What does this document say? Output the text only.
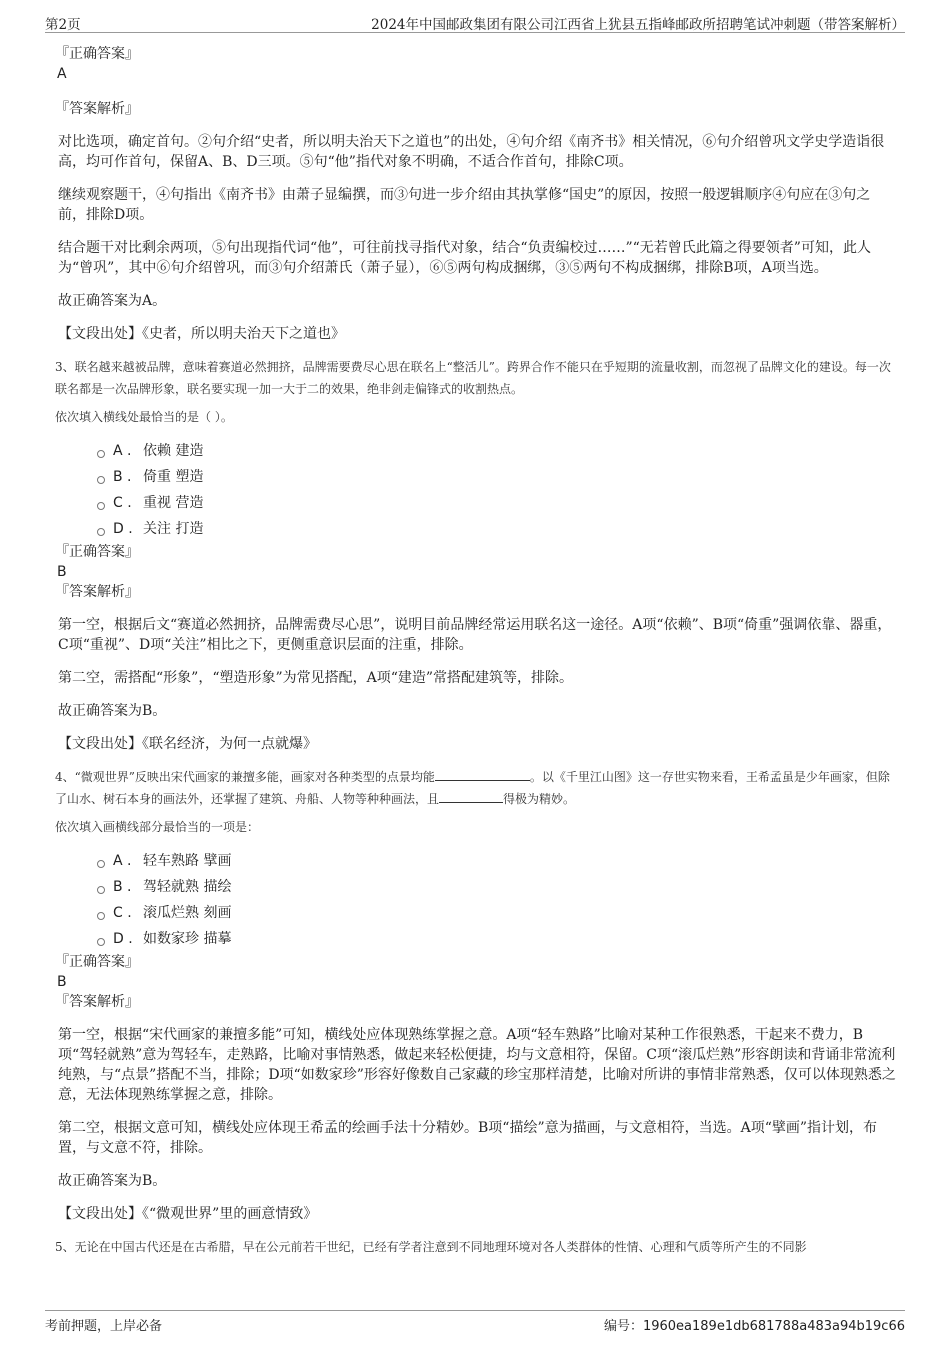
第2页	2024年中国邮政集团有限公司江西省上犹县五指峰邮政所招聘笔试冲刺题（带答案解析）

『正确答案』

A

『答案解析』

对比选项，确定首句。②句介绍“史者，所以明夫治天下之道也”的出处，④句介绍《南齐书》相关情况，⑥句介绍曾巩文学史学造诣很高，均可作首句，保留A、B、D三项。⑤句“他”指代对象不明确，不适合作首句，排除C项。

继续观察题干，④句指出《南齐书》由萧子显编撰，而③句进一步介绍由其执掌修“国史”的原因，按照一般逻辑顺序④句应在③句之前，排除D项。

结合题干对比剩余两项，⑤句出现指代词“他”，可往前找寻指代对象，结合“负责编校过……”“无若曾氏此篇之得要领者”可知，此人为“曾巩”，其中⑥句介绍曾巩，而③句介绍萧氏（萧子显），⑥⑤两句构成捆绑，③⑤两句不构成捆绑，排除B项，A项当选。

故正确答案为A。

【文段出处】《史者，所以明夫治天下之道也》

3、联名越来越被品牌，意味着赛道必然拥挤，品牌需要费尽心思在联名上“整活儿”。跨界合作不能只在乎短期的流量收割，而忽视了品牌文化的建设。每一次联名都是一次品牌形象，联名要实现一加一大于二的效果，绝非剑走偏锋式的收割热点。

依次填入横线处最恰当的是（ ）。

A . 依赖 建造
B . 倚重 塑造
C . 重视 营造
D . 关注 打造

『正确答案』

B

『答案解析』

第一空，根据后文“赛道必然拥挤，品牌需费尽心思”，说明目前品牌经常运用联名这一途径。A项“依赖”、B项“倚重”强调依靠、器重，C项“重视”、D项“关注”相比之下，更侧重意识层面的注重，排除。

第二空，需搭配“形象”，“塑造形象”为常见搭配，A项“建造”常搭配建筑等，排除。

故正确答案为B。

【文段出处】《联名经济，为何一点就爆》

4、“微观世界”反映出宋代画家的兼擅多能，画家对各种类型的点景均能	。以《千里江山图》这一存世实物来看，王希孟虽是少年画家，但除了山水、树石本身的画法外，还掌握了建筑、舟船、人物等种种画法，且	得极为精妙。

依次填入画横线部分最恰当的一项是：

A . 轻车熟路 擘画
B . 驾轻就熟 描绘
C . 滚瓜烂熟 刻画
D . 如数家珍 描摹

『正确答案』

B

『答案解析』

第一空，根据“宋代画家的兼擅多能”可知，横线处应体现熟练掌握之意。A项“轻车熟路”比喻对某种工作很熟悉，干起来不费力，B项“驾轻就熟”意为驾轻车，走熟路，比喻对事情熟悉，做起来轻松便捷，均与文意相符，保留。C项“滚瓜烂熟”形容朗读和背诵非常流利纯熟，与“点景”搭配不当，排除；D项“如数家珍”形容好像数自己家藏的珍宝那样清楚，比喻对所讲的事情非常熟悉，仅可以体现熟悉之意，无法体现熟练掌握之意，排除。

第二空，根据文意可知，横线处应体现王希孟的绘画手法十分精妙。B项“描绘”意为描画，与文意相符，当选。A项“擘画”指计划，布置，与文意不符，排除。

故正确答案为B。

【文段出处】《“微观世界”里的画意情致》

5、无论在中国古代还是在古希腊，早在公元前若干世纪，已经有学者注意到不同地理环境对各人类群体的性情、心理和气质等所产生的不同影

考前押题，上岸必备	编号：1960ea189e1db681788a483a94b19c66
